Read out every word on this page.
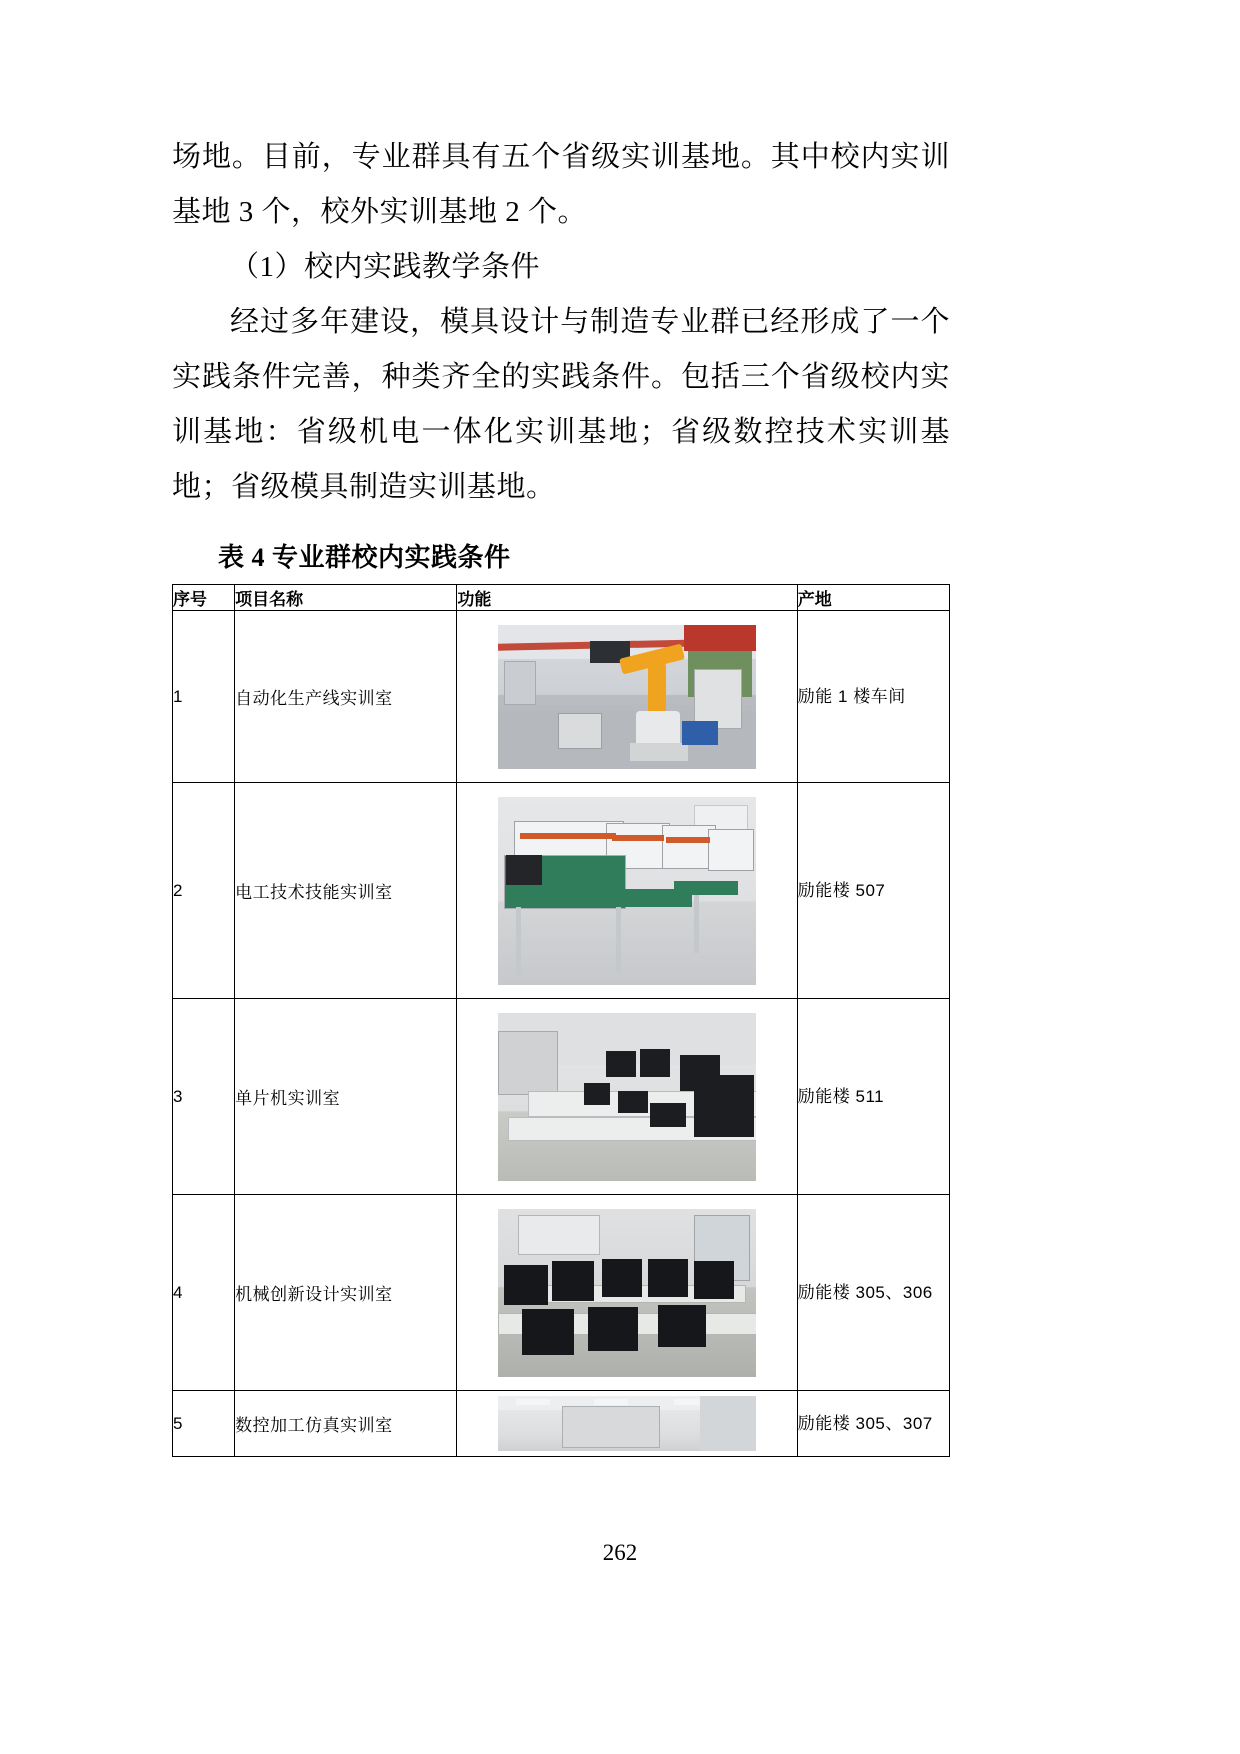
场地。目前，专业群具有五个省级实训基地。其中校内实训基地 3 个，校外实训基地 2 个。

（1）校内实践教学条件

经过多年建设，模具设计与制造专业群已经形成了一个实践条件完善，种类齐全的实践条件。包括三个省级校内实训基地：省级机电一体化实训基地；省级数控技术实训基地；省级模具制造实训基地。

表 4 专业群校内实践条件
序号	项目名称	功能	产地
1	自动化生产线实训室		励能 1 楼车间
2	电工技术技能实训室		励能楼 507
3	单片机实训室		励能楼 511
4	机械创新设计实训室		励能楼 305、306
5	数控加工仿真实训室		励能楼 305、307
262
